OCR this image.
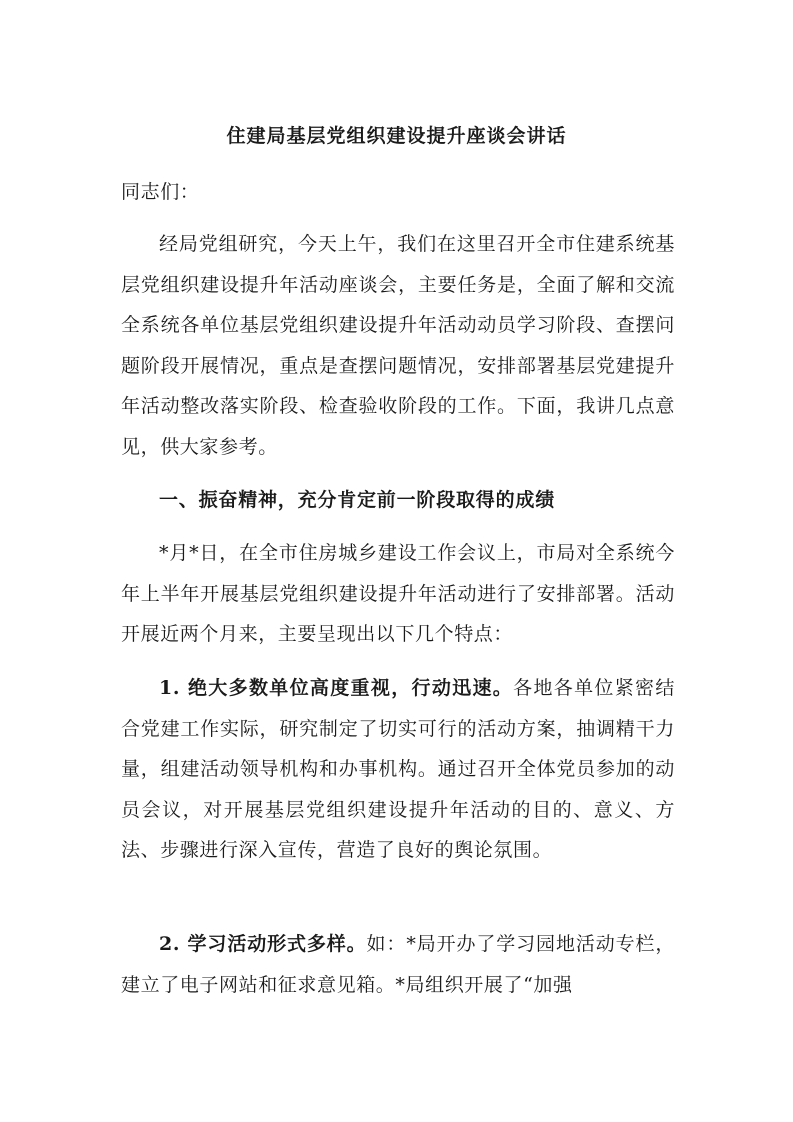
住建局基层党组织建设提升座谈会讲话
同志们：
经局党组研究，今天上午，我们在这里召开全市住建系统基层党组织建设提升年活动座谈会，主要任务是，全面了解和交流全系统各单位基层党组织建设提升年活动动员学习阶段、查摆问题阶段开展情况，重点是查摆问题情况，安排部署基层党建提升年活动整改落实阶段、检查验收阶段的工作。下面，我讲几点意见，供大家参考。
一、振奋精神，充分肯定前一阶段取得的成绩
*月*日，在全市住房城乡建设工作会议上，市局对全系统今年上半年开展基层党组织建设提升年活动进行了安排部署。活动开展近两个月来，主要呈现出以下几个特点：
1. 绝大多数单位高度重视，行动迅速。各地各单位紧密结合党建工作实际，研究制定了切实可行的活动方案，抽调精干力量，组建活动领导机构和办事机构。通过召开全体党员参加的动员会议，对开展基层党组织建设提升年活动的目的、意义、方法、步骤进行深入宣传，营造了良好的舆论氛围。
2. 学习活动形式多样。如：*局开办了学习园地活动专栏，建立了电子网站和征求意见箱。*局组织开展了“加强
